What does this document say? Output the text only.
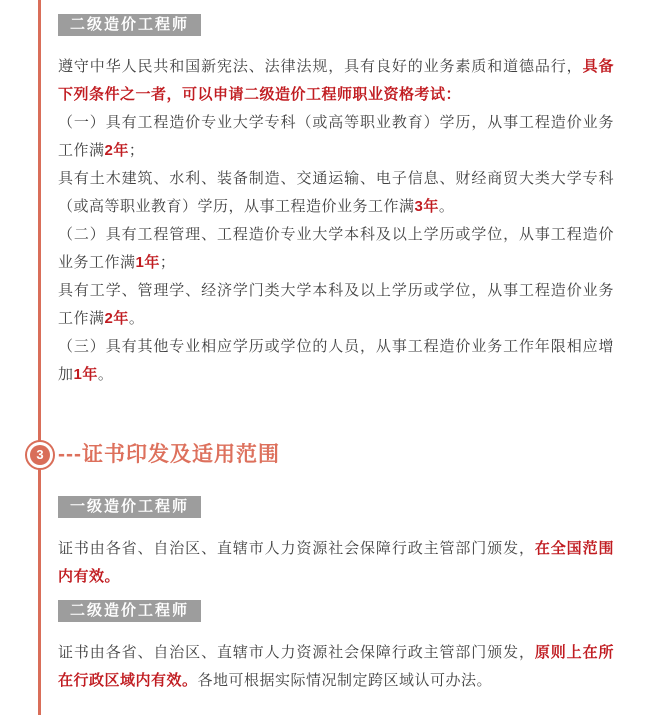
二级造价工程师

遵守中华人民共和国新宪法、法律法规，具有良好的业务素质和道德品行，具备下列条件之一者，可以申请二级造价工程师职业资格考试：

（一）具有工程造价专业大学专科（或高等职业教育）学历，从事工程造价业务工作满2年；

具有土木建筑、水利、装备制造、交通运输、电子信息、财经商贸大类大学专科（或高等职业教育）学历，从事工程造价业务工作满3年。

（二）具有工程管理、工程造价专业大学本科及以上学历或学位，从事工程造价业务工作满1年；

具有工学、管理学、经济学门类大学本科及以上学历或学位，从事工程造价业务工作满2年。

（三）具有其他专业相应学历或学位的人员，从事工程造价业务工作年限相应增加1年。

3 ---证书印发及适用范围
一级造价工程师

证书由各省、自治区、直辖市人力资源社会保障行政主管部门颁发，在全国范围内有效。

二级造价工程师

证书由各省、自治区、直辖市人力资源社会保障行政主管部门颁发，原则上在所在行政区域内有效。各地可根据实际情况制定跨区域认可办法。
